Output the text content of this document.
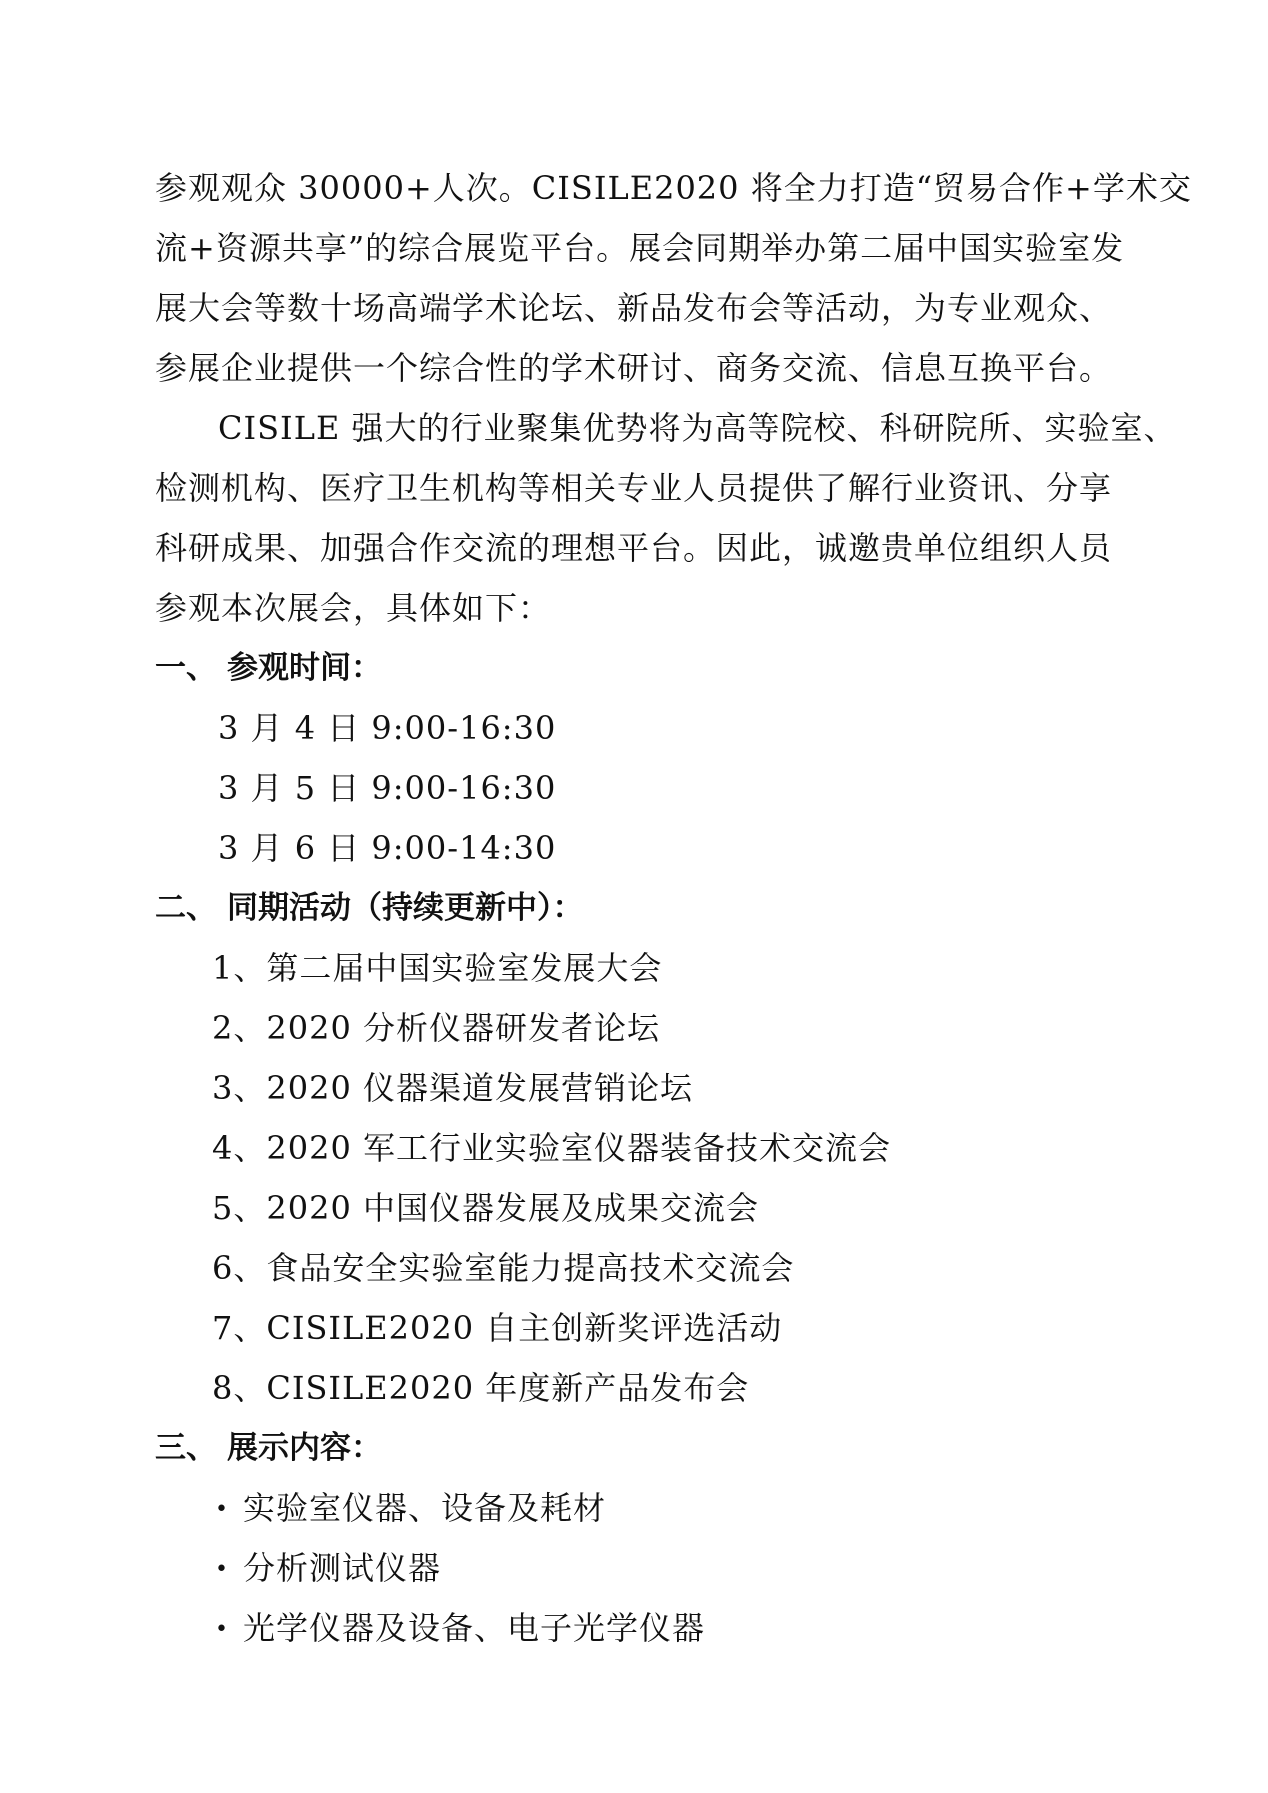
参观观众 30000+人次。CISILE2020 将全力打造“贸易合作+学术交
流+资源共享”的综合展览平台。展会同期举办第二届中国实验室发
展大会等数十场高端学术论坛、新品发布会等活动，为专业观众、
参展企业提供一个综合性的学术研讨、商务交流、信息互换平台。
CISILE 强大的行业聚集优势将为高等院校、科研院所、实验室、
检测机构、医疗卫生机构等相关专业人员提供了解行业资讯、分享
科研成果、加强合作交流的理想平台。因此，诚邀贵单位组织人员
参观本次展会，具体如下：
一、 参观时间：
3 月 4 日 9:00-16:30
3 月 5 日 9:00-16:30
3 月 6 日 9:00-14:30
二、 同期活动（持续更新中）：
1、第二届中国实验室发展大会
2、2020 分析仪器研发者论坛
3、2020 仪器渠道发展营销论坛
4、2020 军工行业实验室仪器装备技术交流会
5、2020 中国仪器发展及成果交流会
6、食品安全实验室能力提高技术交流会
7、CISILE2020 自主创新奖评选活动
8、CISILE2020 年度新产品发布会
三、 展示内容：
• 实验室仪器、设备及耗材
• 分析测试仪器
• 光学仪器及设备、电子光学仪器
